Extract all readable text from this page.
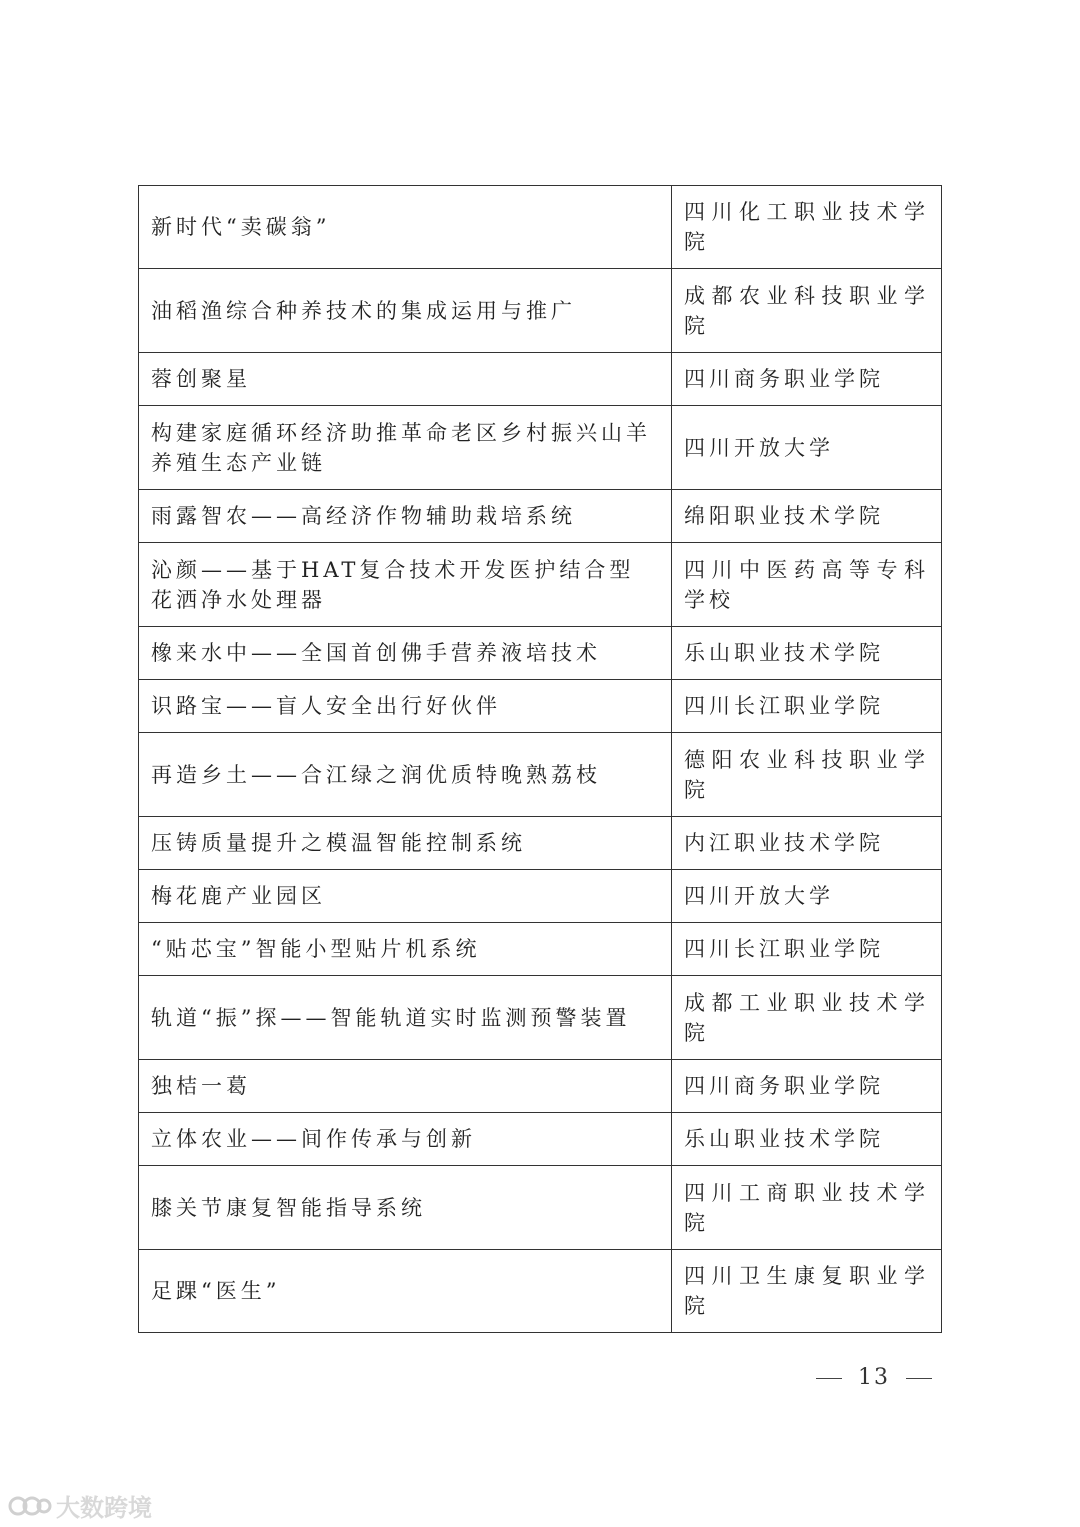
新时代“卖碳翁”	四川化工职业技术学院
油稻渔综合种养技术的集成运用与推广	成都农业科技职业学院
蓉创聚星	四川商务职业学院
构建家庭循环经济助推革命老区乡村振兴山羊养殖生态产业链	四川开放大学
雨露智农——高经济作物辅助栽培系统	绵阳职业技术学院
沁颜——基于HAT复合技术开发医护结合型花洒净水处理器	四川中医药高等专科学校
橡来水中——全国首创佛手营养液培技术	乐山职业技术学院
识路宝——盲人安全出行好伙伴	四川长江职业学院
再造乡土——合江绿之润优质特晚熟荔枝	德阳农业科技职业学院
压铸质量提升之模温智能控制系统	内江职业技术学院
梅花鹿产业园区	四川开放大学
“贴芯宝”智能小型贴片机系统	四川长江职业学院
轨道“振”探——智能轨道实时监测预警装置	成都工业职业技术学院
独桔一葛	四川商务职业学院
立体农业——间作传承与创新	乐山职业技术学院
膝关节康复智能指导系统	四川工商职业技术学院
足踝“医生”	四川卫生康复职业学院
13
大数跨境
